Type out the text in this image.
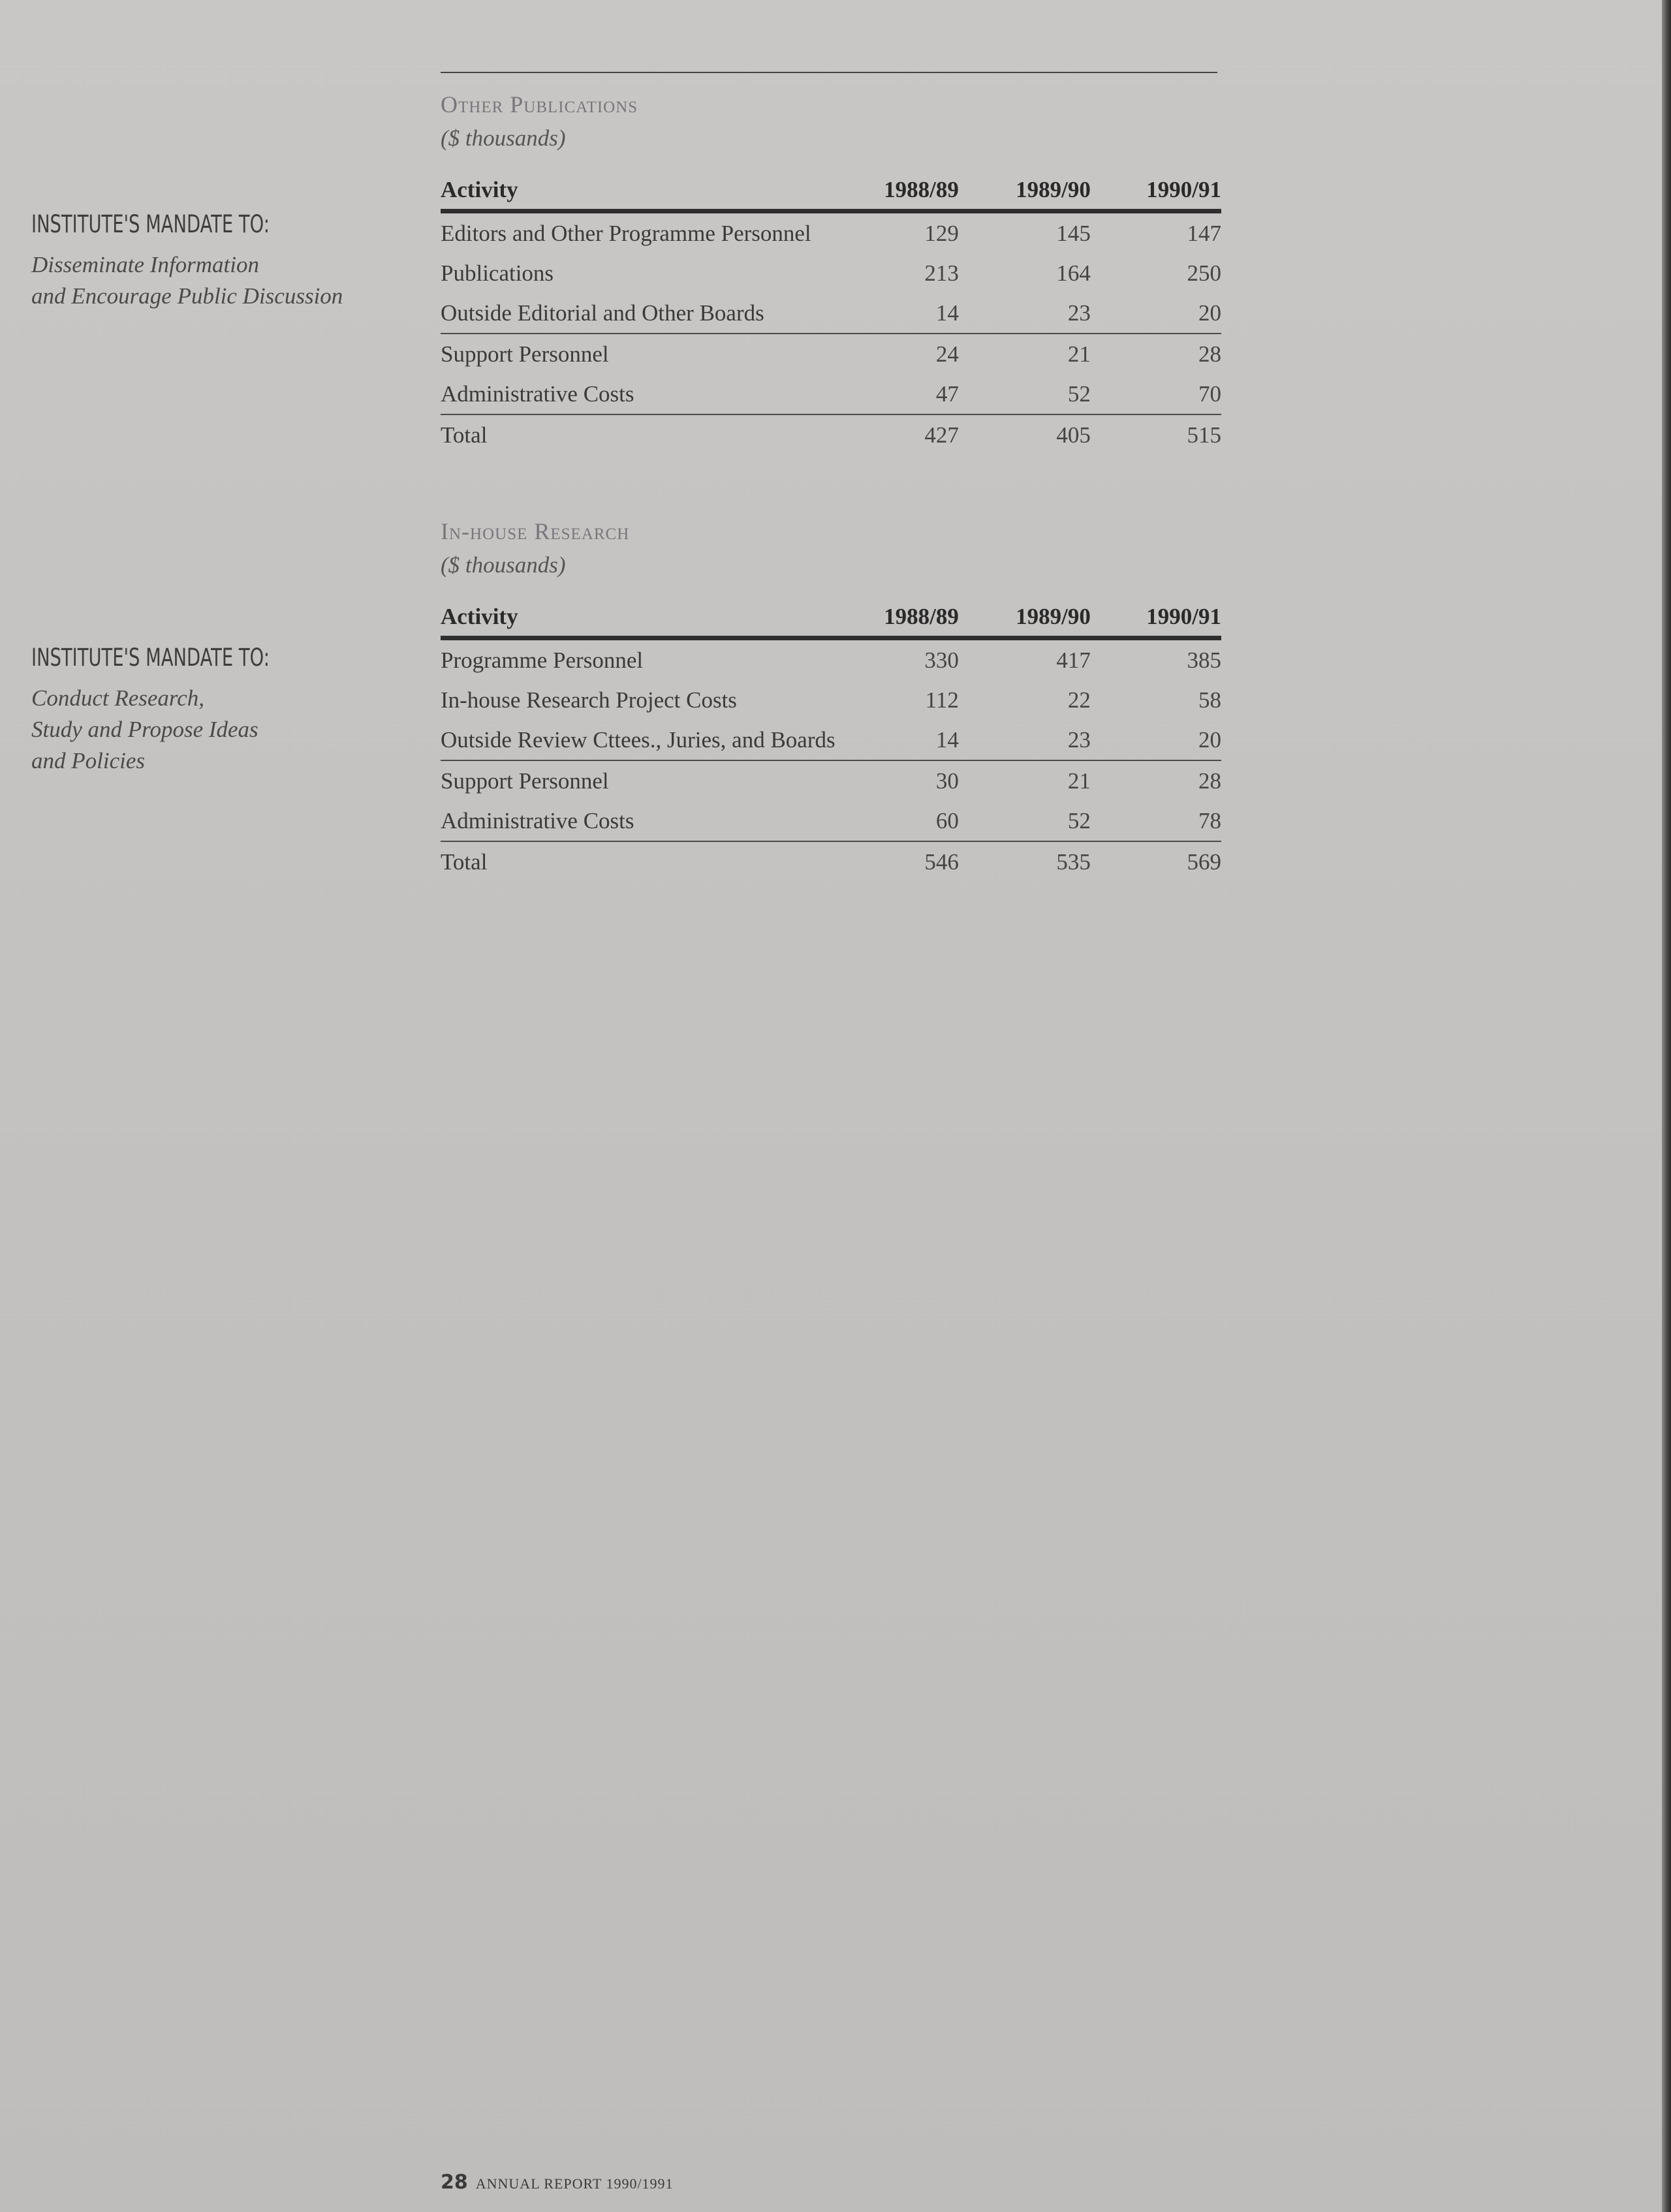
INSTITUTE'S MANDATE TO:
Disseminate Information
and Encourage Public Discussion
INSTITUTE'S MANDATE TO:
Conduct Research,
Study and Propose Ideas
and Policies
Other Publications
($ thousands)
Activity	1988/89	1989/90	1990/91
Editors and Other Programme Personnel	129	145	147
Publications	213	164	250
Outside Editorial and Other Boards	14	23	20
Support Personnel	24	21	28
Administrative Costs	47	52	70
Total	427	405	515
In-house Research
($ thousands)
Activity	1988/89	1989/90	1990/91
Programme Personnel	330	417	385
In-house Research Project Costs	112	22	58
Outside Review Cttees., Juries, and Boards	14	23	20
Support Personnel	30	21	28
Administrative Costs	60	52	78
Total	546	535	569
28 ANNUAL REPORT 1990/1991
